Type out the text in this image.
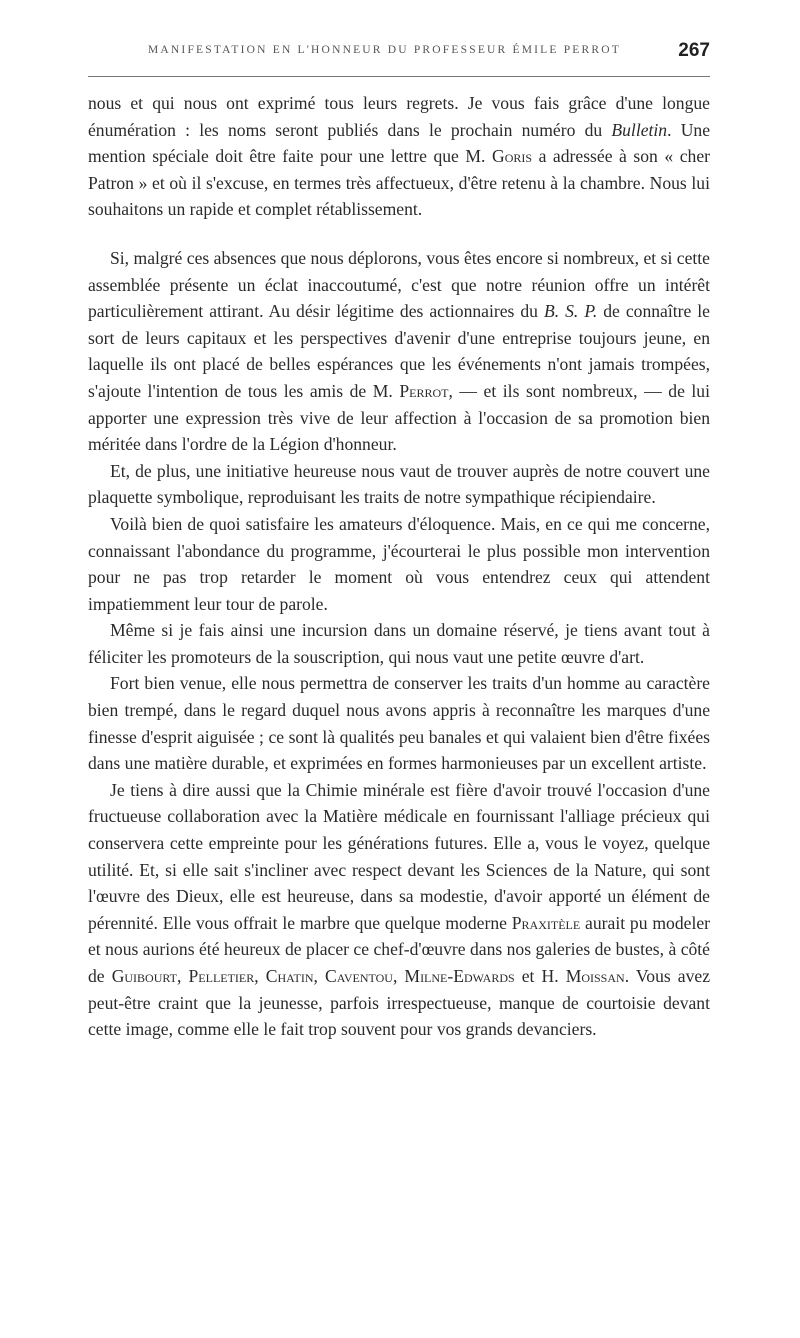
MANIFESTATION EN L'HONNEUR DU PROFESSEUR ÉMILE PERROT	267

nous et qui nous ont exprimé tous leurs regrets. Je vous fais grâce d'une longue énumération : les noms seront publiés dans le prochain numéro du Bulletin. Une mention spéciale doit être faite pour une lettre que M. Goris a adressée à son « cher Patron » et où il s'excuse, en termes très affectueux, d'être retenu à la chambre. Nous lui souhaitons un rapide et complet rétablissement.

Si, malgré ces absences que nous déplorons, vous êtes encore si nombreux, et si cette assemblée présente un éclat inaccoutumé, c'est que notre réunion offre un intérêt particulièrement attirant. Au désir légitime des actionnaires du B. S. P. de connaître le sort de leurs capitaux et les perspectives d'avenir d'une entreprise toujours jeune, en laquelle ils ont placé de belles espérances que les événements n'ont jamais trompées, s'ajoute l'intention de tous les amis de M. Perrot, — et ils sont nombreux, — de lui apporter une expression très vive de leur affection à l'occasion de sa promotion bien méritée dans l'ordre de la Légion d'honneur.

Et, de plus, une initiative heureuse nous vaut de trouver auprès de notre couvert une plaquette symbolique, reproduisant les traits de notre sympathique récipiendaire.

Voilà bien de quoi satisfaire les amateurs d'éloquence. Mais, en ce qui me concerne, connaissant l'abondance du programme, j'écourterai le plus possible mon intervention pour ne pas trop retarder le moment où vous entendrez ceux qui attendent impatiemment leur tour de parole.

Même si je fais ainsi une incursion dans un domaine réservé, je tiens avant tout à féliciter les promoteurs de la souscription, qui nous vaut une petite œuvre d'art.

Fort bien venue, elle nous permettra de conserver les traits d'un homme au caractère bien trempé, dans le regard duquel nous avons appris à reconnaître les marques d'une finesse d'esprit aiguisée ; ce sont là qualités peu banales et qui valaient bien d'être fixées dans une matière durable, et exprimées en formes harmonieuses par un excellent artiste.

Je tiens à dire aussi que la Chimie minérale est fière d'avoir trouvé l'occasion d'une fructueuse collaboration avec la Matière médicale en fournissant l'alliage précieux qui conservera cette empreinte pour les générations futures. Elle a, vous le voyez, quelque utilité. Et, si elle sait s'incliner avec respect devant les Sciences de la Nature, qui sont l'œuvre des Dieux, elle est heureuse, dans sa modestie, d'avoir apporté un élément de pérennité. Elle vous offrait le marbre que quelque moderne Praxitèle aurait pu modeler et nous aurions été heureux de placer ce chef-d'œuvre dans nos galeries de bustes, à côté de Guibourt, Pelletier, Chatin, Caventou, Milne-Edwards et H. Moissan. Vous avez peut-être craint que la jeunesse, parfois irrespectueuse, manque de courtoisie devant cette image, comme elle le fait trop souvent pour vos grands devanciers.
